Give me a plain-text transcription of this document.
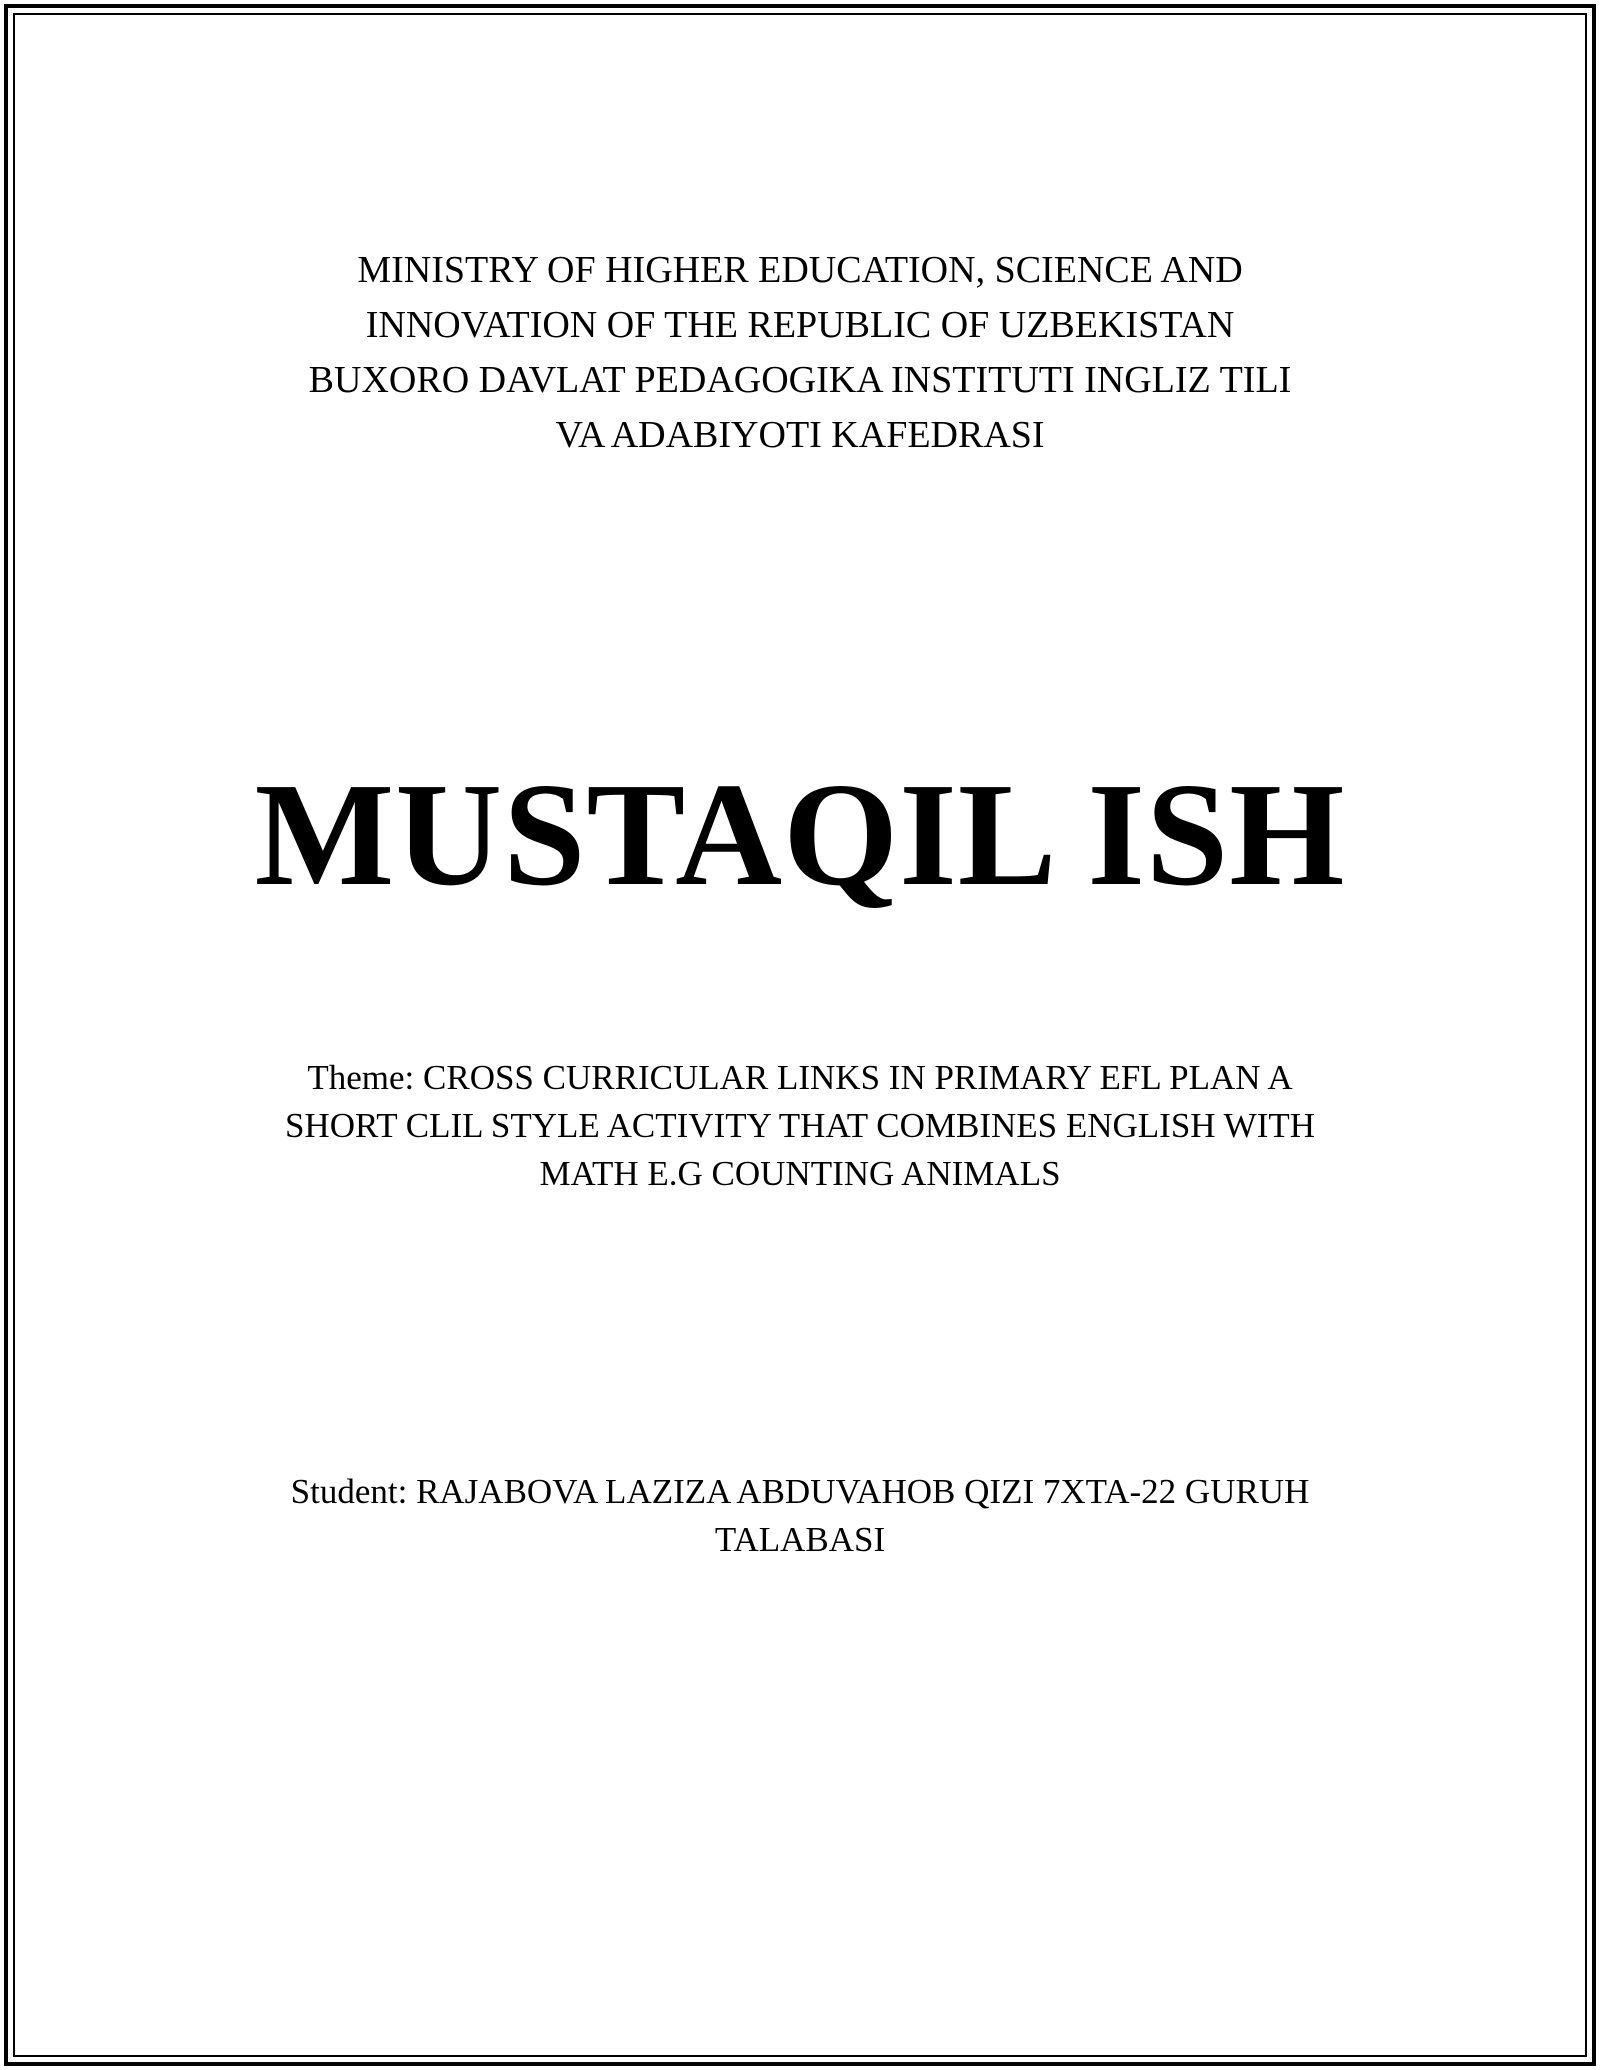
MINISTRY OF HIGHER EDUCATION, SCIENCE AND
INNOVATION OF THE REPUBLIC OF UZBEKISTAN
BUXORO DAVLAT PEDAGOGIKA INSTITUTI INGLIZ TILI
VA ADABIYOTI KAFEDRASI
MUSTAQIL ISH
Theme: CROSS CURRICULAR LINKS IN PRIMARY EFL PLAN A
SHORT CLIL STYLE ACTIVITY THAT COMBINES ENGLISH WITH
MATH E.G COUNTING ANIMALS
Student: RAJABOVA LAZIZA ABDUVAHOB QIZI 7XTA-22 GURUH
TALABASI
